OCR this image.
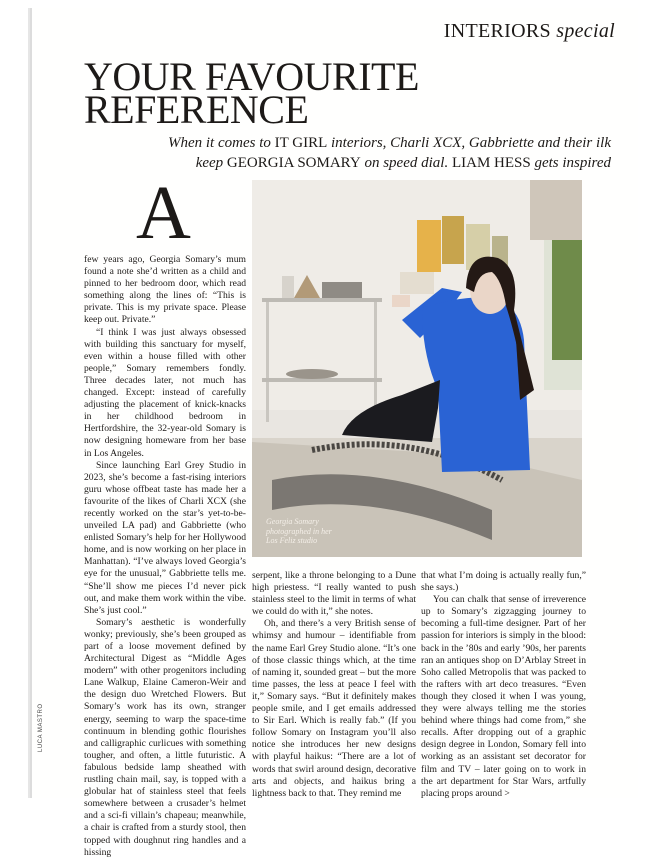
INTERIORS special
YOUR FAVOURITE
REFERENCE
When it comes to IT GIRL interiors, Charli XCX, Gabbriette and their ilk keep GEORGIA SOMARY on speed dial. LIAM HESS gets inspired
A

few years ago, Georgia Somary’s mum found a note she’d written as a child and pinned to her bedroom door, which read something along the lines of: “This is private. This is my private space. Please keep out. Private.”

“I think I was just always obsessed with building this sanctuary for myself, even within a house filled with other people,” Somary remembers fondly. Three decades later, not much has changed. Except: instead of carefully adjusting the placement of knick-knacks in her childhood bedroom in Hertfordshire, the 32-year-old Somary is now designing homeware from her base in Los Angeles.

Since launching Earl Grey Studio in 2023, she’s become a fast-rising interiors guru whose offbeat taste has made her a favourite of the likes of Charli XCX (she recently worked on the star’s yet-to-be-unveiled LA pad) and Gabbriette (who enlisted Somary’s help for her Hollywood home, and is now working on her place in Manhattan). “I’ve always loved Georgia’s eye for the unusual,” Gabbriette tells me. “She’ll show me pieces I’d never pick out, and make them work within the vibe. She’s just cool.”

Somary’s aesthetic is wonderfully wonky; previously, she’s been grouped as part of a loose movement defined by Architectural Digest as “Middle Ages modern” with other progenitors including Lane Walkup, Elaine Cameron-Weir and the design duo Wretched Flowers. But Somary’s work has its own, stranger energy, seeming to warp the space-time continuum in blending gothic flourishes and calligraphic curlicues with something tougher, and often, a little futuristic. A fabulous bedside lamp sheathed with rustling chain mail, say, is topped with a globular hat of stainless steel that feels somewhere between a crusader’s helmet and a sci-fi villain’s chapeau; meanwhile, a chair is crafted from a sturdy stool, then topped with doughnut ring handles and a hissing

Georgia Somary
photographed in her
Los Feliz studio

serpent, like a throne belonging to a Dune high priestess. “I really wanted to push stainless steel to the limit in terms of what we could do with it,” she notes.

Oh, and there’s a very British sense of whimsy and humour – identifiable from the name Earl Grey Studio alone. “It’s one of those classic things which, at the time of naming it, sounded great – but the more time passes, the less at peace I feel with it,” Somary says. “But it definitely makes people smile, and I get emails addressed to Sir Earl. Which is really fab.” (If you follow Somary on Instagram you’ll also notice she introduces her new designs with playful haikus: “There are a lot of words that swirl around design, decorative arts and objects, and haikus bring a lightness back to that. They remind me

that what I’m doing is actually really fun,” she says.)

You can chalk that sense of irreverence up to Somary’s zigzagging journey to becoming a full-time designer. Part of her passion for interiors is simply in the blood: back in the ’80s and early ’90s, her parents ran an antiques shop on D’Arblay Street in Soho called Metropolis that was packed to the rafters with art deco treasures. “Even though they closed it when I was young, they were always telling me the stories behind where things had come from,” she recalls. After dropping out of a graphic design degree in London, Somary fell into working as an assistant set decorator for film and TV – later going on to work in the art department for Star Wars, artfully placing props around >

LUCA MASTRO
